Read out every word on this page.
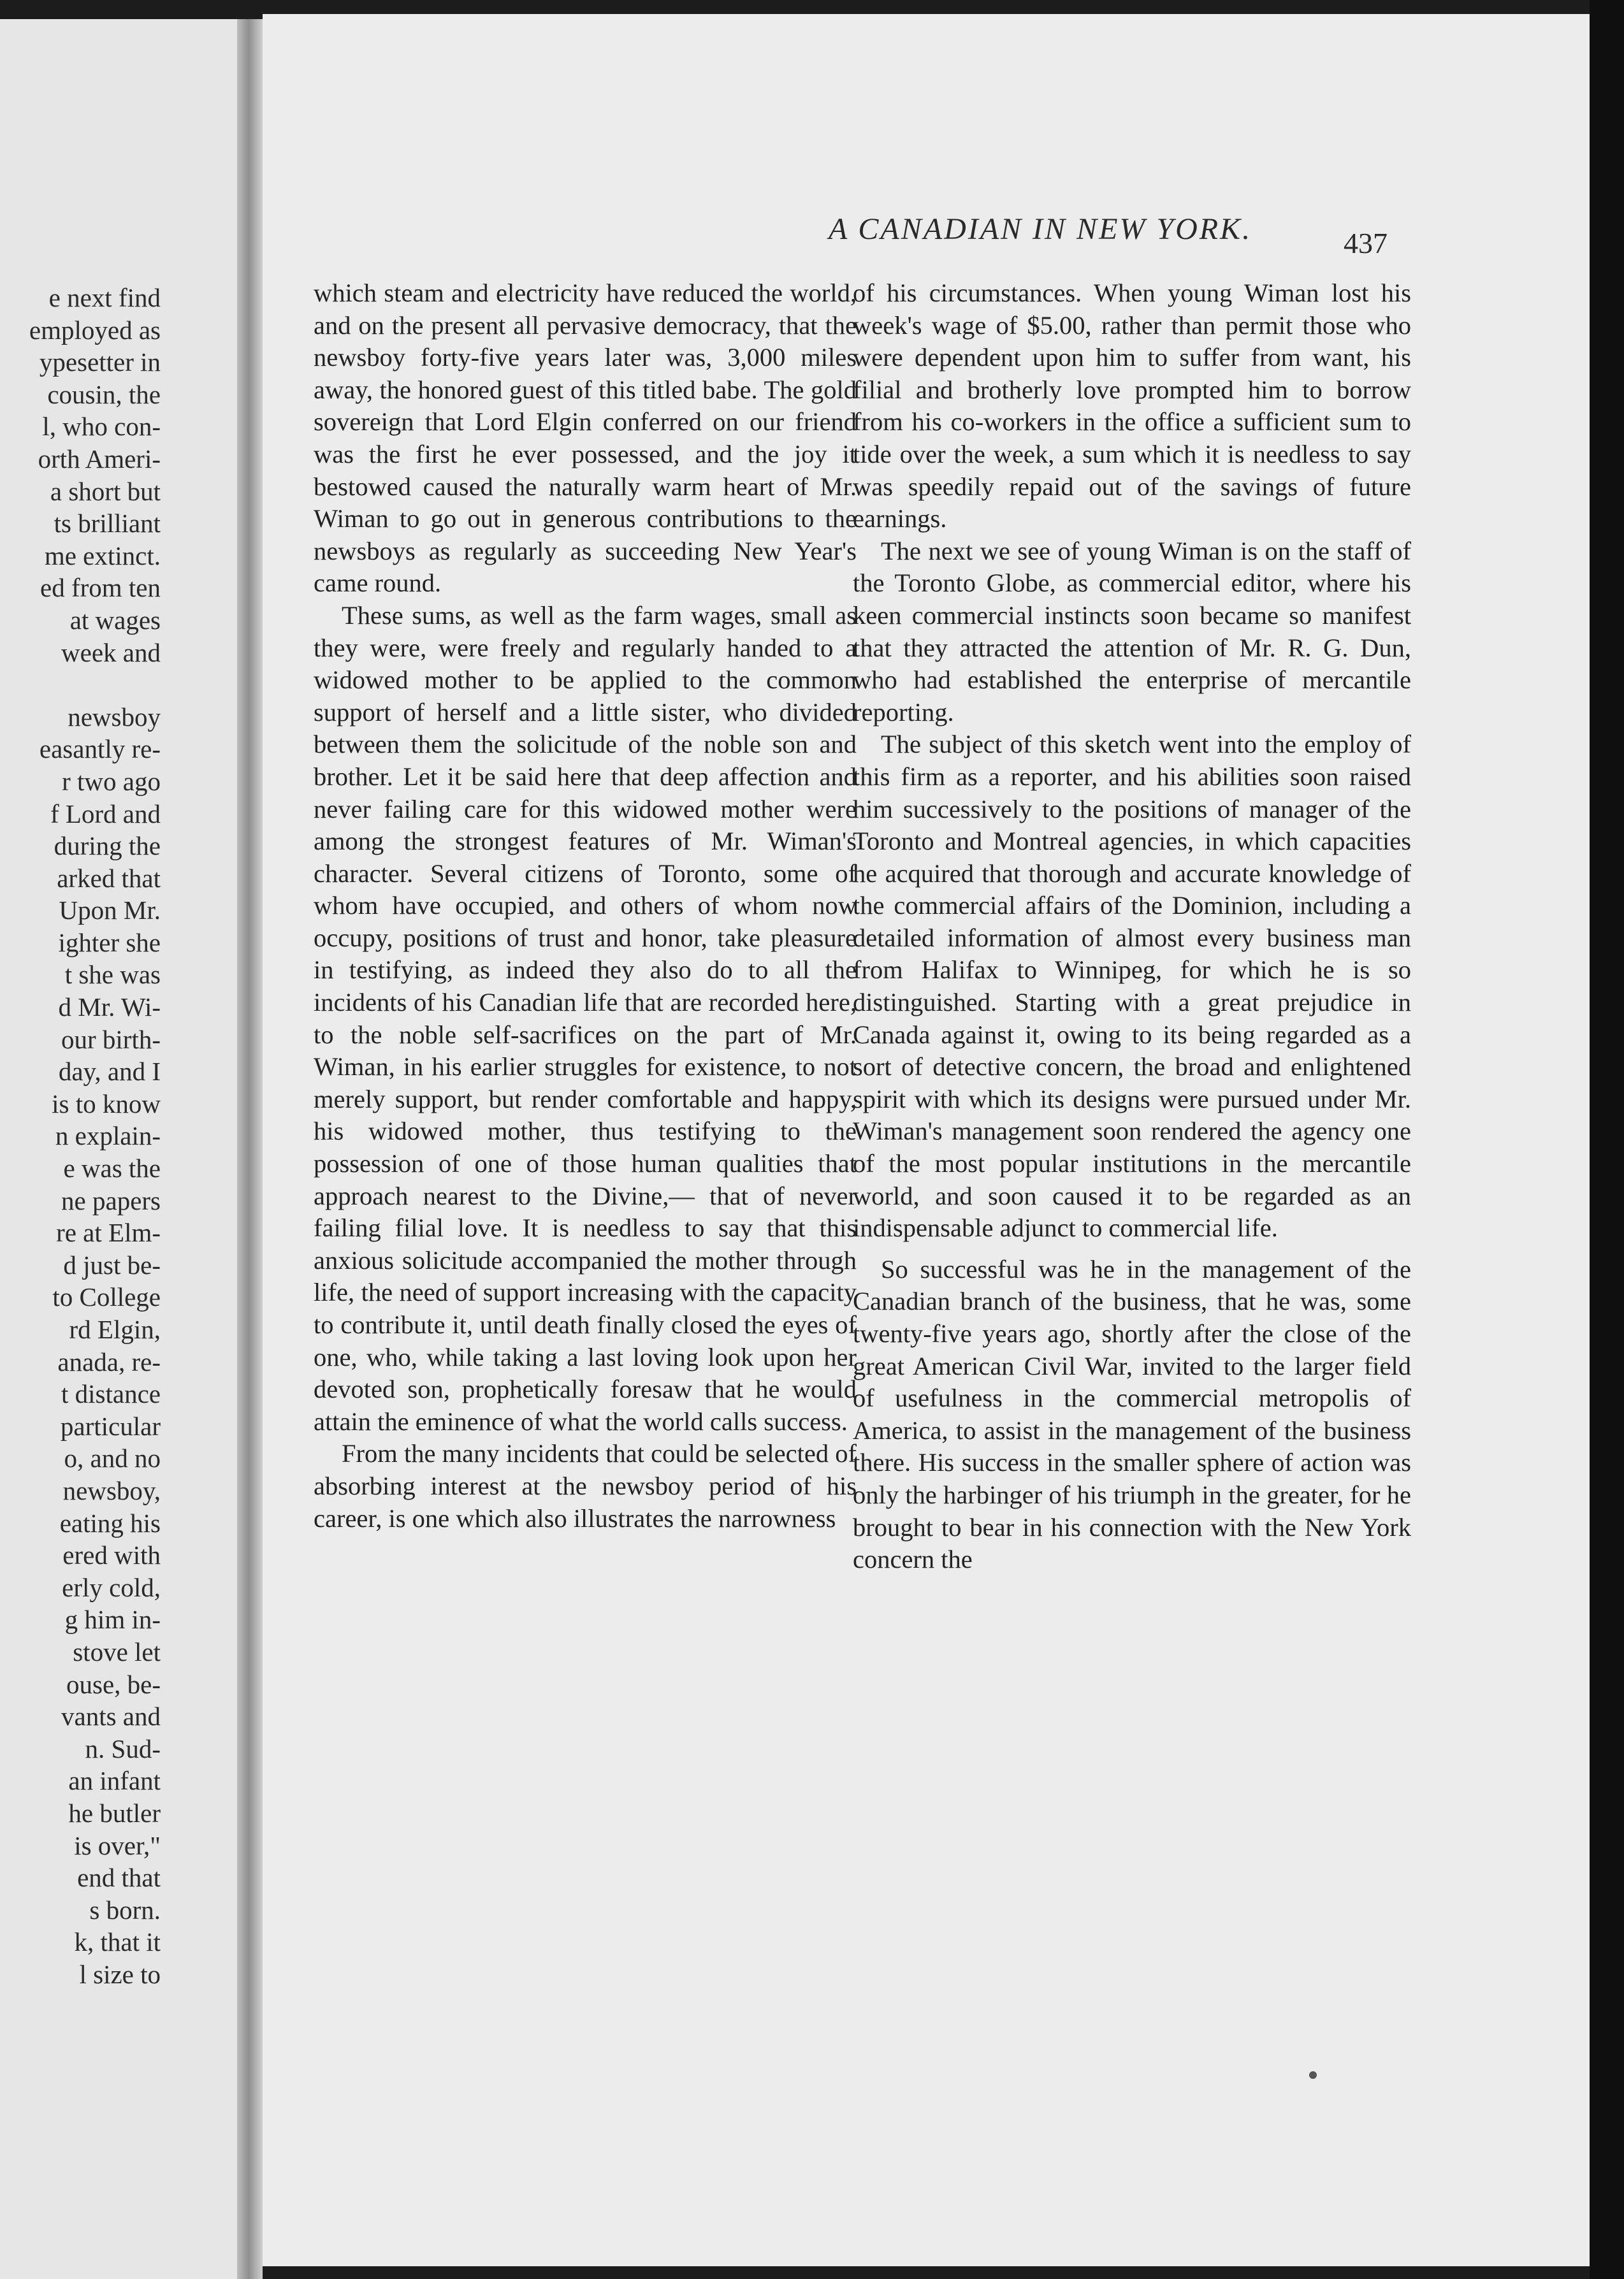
e next find
employed as
ypesetter in
cousin, the
l, who con-
orth Ameri-
a short but
ts brilliant
me extinct.
ed from ten
at wages
week and
newsboy
easantly re-
r two ago
f Lord and
during the
arked that
Upon Mr.
ighter she
t she was
d Mr. Wi-
our birth-
day, and I
is to know
n explain-
e was the
ne papers
re at Elm-
d just be-
to College
rd Elgin,
anada, re-
t distance
particular
o, and no
newsboy,
eating his
ered with
erly cold,
g him in-
stove let
ouse, be-
vants and
n. Sud-
an infant
he butler
is over,"
end that
s born.
k, that it
l size to
A CANADIAN IN NEW YORK.	437

which steam and electricity have reduced the world, and on the present all pervasive democracy, that the newsboy forty-five years later was, 3,000 miles away, the honored guest of this titled babe. The gold sovereign that Lord Elgin conferred on our friend was the first he ever possessed, and the joy it bestowed caused the naturally warm heart of Mr. Wiman to go out in generous contributions to the newsboys as regularly as succeeding New Year's came round.

These sums, as well as the farm wages, small as they were, were freely and regularly handed to a widowed mother to be applied to the common support of herself and a little sister, who divided between them the solicitude of the noble son and brother. Let it be said here that deep affection and never failing care for this widowed mother were among the strongest features of Mr. Wiman's character. Several citizens of Toronto, some of whom have occupied, and others of whom now occupy, positions of trust and honor, take pleasure in testifying, as indeed they also do to all the incidents of his Canadian life that are recorded here, to the noble self-sacrifices on the part of Mr. Wiman, in his earlier struggles for existence, to not merely support, but render comfortable and happy, his widowed mother, thus testifying to the possession of one of those human qualities that approach nearest to the Divine,— that of never failing filial love. It is needless to say that this anxious solicitude accompanied the mother through life, the need of support increasing with the capacity to contribute it, until death finally closed the eyes of one, who, while taking a last loving look upon her devoted son, prophetically foresaw that he would attain the eminence of what the world calls success.

From the many incidents that could be selected of absorbing interest at the newsboy period of his career, is one which also illustrates the narrowness

of his circumstances. When young Wiman lost his week's wage of $5.00, rather than permit those who were dependent upon him to suffer from want, his filial and brotherly love prompted him to borrow from his co-workers in the office a sufficient sum to tide over the week, a sum which it is needless to say was speedily repaid out of the savings of future earnings.

The next we see of young Wiman is on the staff of the Toronto Globe, as commercial editor, where his keen commercial instincts soon became so manifest that they attracted the attention of Mr. R. G. Dun, who had established the enterprise of mercantile reporting.

The subject of this sketch went into the employ of this firm as a reporter, and his abilities soon raised him successively to the positions of manager of the Toronto and Montreal agencies, in which capacities he acquired that thorough and accurate knowledge of the commercial affairs of the Dominion, including a detailed information of almost every business man from Halifax to Winnipeg, for which he is so distinguished. Starting with a great prejudice in Canada against it, owing to its being regarded as a sort of detective concern, the broad and enlightened spirit with which its designs were pursued under Mr. Wiman's management soon rendered the agency one of the most popular institutions in the mercantile world, and soon caused it to be regarded as an indispensable adjunct to commercial life.

So successful was he in the management of the Canadian branch of the business, that he was, some twenty-five years ago, shortly after the close of the great American Civil War, invited to the larger field of usefulness in the commercial metropolis of America, to assist in the management of the business there. His success in the smaller sphere of action was only the harbinger of his triumph in the greater, for he brought to bear in his connection with the New York concern the
